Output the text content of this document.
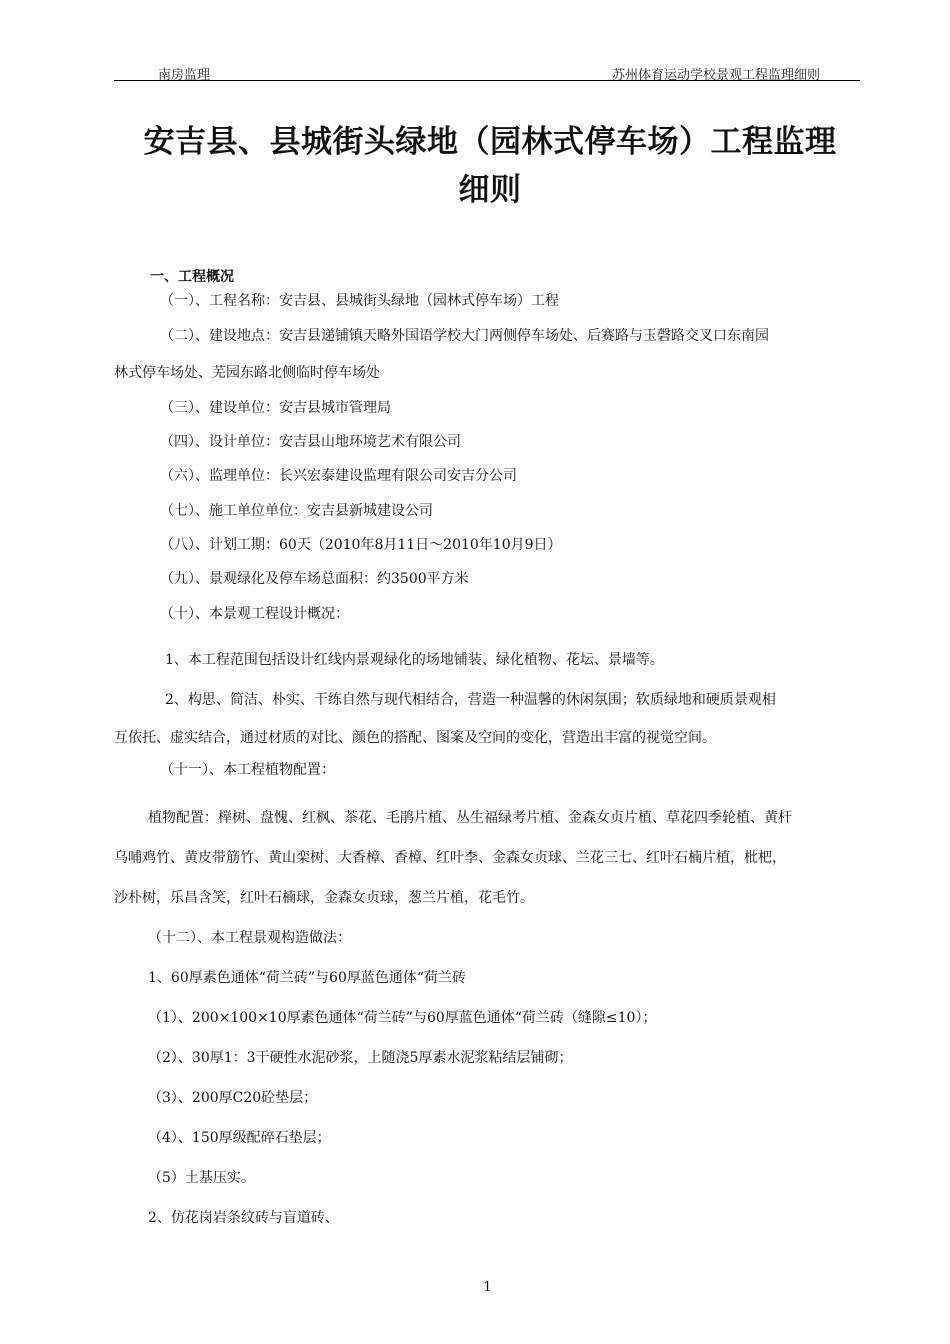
南房监理	苏州体育运动学校景观工程监理细则
安吉县、县城街头绿地（园林式停车场）工程监理
细则
一、工程概况
（一）、工程名称：安吉县、县城街头绿地（园林式停车场）工程
（二）、建设地点：安吉县递铺镇天略外国语学校大门两侧停车场处、后赛路与玉磬路交叉口东南园
林式停车场处、芜园东路北侧临时停车场处
（三）、建设单位：安吉县城市管理局
（四）、设计单位：安吉县山地环境艺术有限公司
（六）、监理单位：长兴宏泰建设监理有限公司安吉分公司
（七）、施工单位单位：安吉县新城建设公司
（八）、计划工期：60天（2010年8月11日～2010年10月9日）
（九）、景观绿化及停车场总面积：约3500平方米
（十）、本景观工程设计概况：
1、本工程范围包括设计红线内景观绿化的场地铺装、绿化植物、花坛、景墙等。
2、构思、简洁、朴实、干练自然与现代相结合，营造一种温馨的休闲氛围；软质绿地和硬质景观相
互依托、虚实结合，通过材质的对比、颜色的搭配、图案及空间的变化，营造出丰富的视觉空间。
（十一）、本工程植物配置：
植物配置：榉树、盘愧、红枫、茶花、毛鹃片植、丛生福绿考片植、金森女贞片植、草花四季轮植、黄杆
乌哺鸡竹、黄皮带筋竹、黄山栾树、大香樟、香樟、红叶李、金森女贞球、兰花三七、红叶石楠片植，枇杷，
沙朴树，乐昌含笑，红叶石楠球，金森女贞球，葱兰片植，花毛竹。
（十二）、本工程景观构造做法：
1、60厚素色通体“荷兰砖”与60厚蓝色通体“荷兰砖
（1）、200×100×10厚素色通体“荷兰砖”与60厚蓝色通体“荷兰砖（缝隙≤10）；
（2）、30厚1：3干硬性水泥砂浆，上随浇5厚素水泥浆粘结层铺砌；
（3）、200厚C20砼垫层；
（4）、150厚级配碎石垫层；
（5）土基压实。
2、仿花岗岩条纹砖与盲道砖、
1
